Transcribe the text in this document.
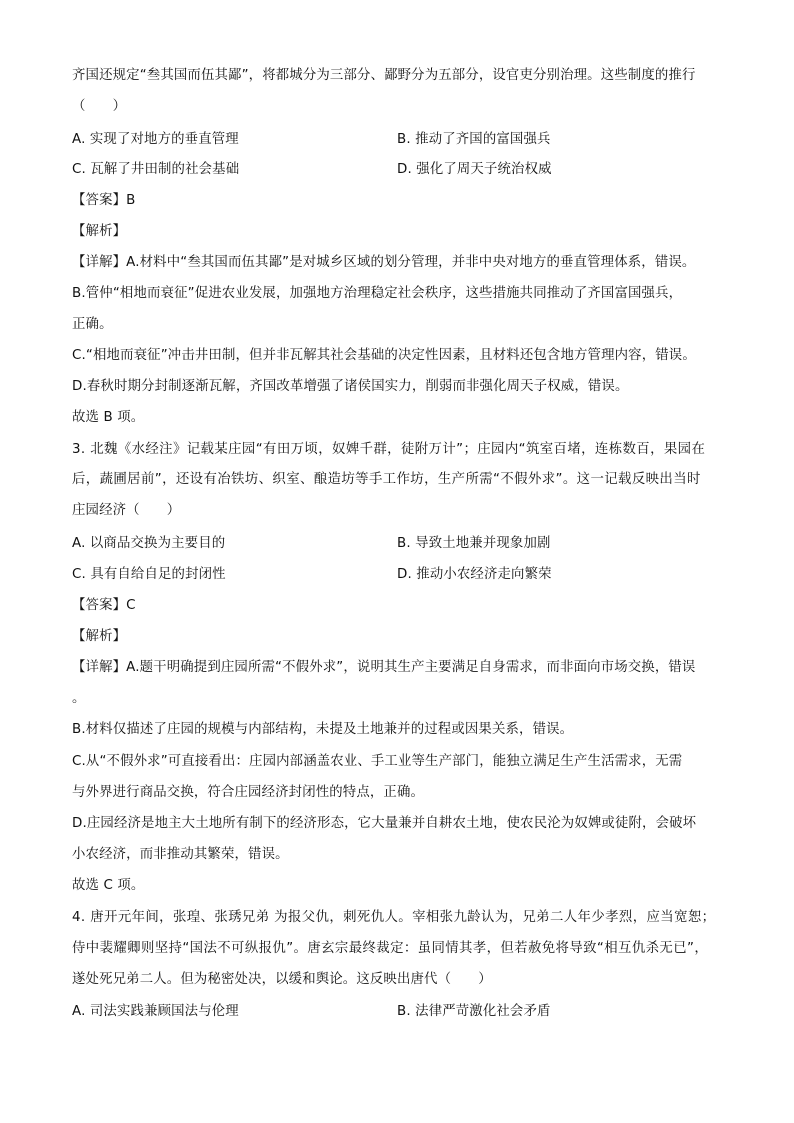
齐国还规定“叁其国而伍其鄙”，将都城分为三部分、鄙野分为五部分，设官吏分别治理。这些制度的推行
（　　）
A. 实现了对地方的垂直管理	B. 推动了齐国的富国强兵
C. 瓦解了井田制的社会基础	D. 强化了周天子统治权威
【答案】B
【解析】
【详解】A.材料中“叁其国而伍其鄙”是对城乡区域的划分管理，并非中央对地方的垂直管理体系，错误。
B.管仲“相地而衰征”促进农业发展，加强地方治理稳定社会秩序，这些措施共同推动了齐国富国强兵，
正确。
C.“相地而衰征”冲击井田制，但并非瓦解其社会基础的决定性因素，且材料还包含地方管理内容，错误。
D.春秋时期分封制逐渐瓦解，齐国改革增强了诸侯国实力，削弱而非强化周天子权威，错误。
故选 B 项。
3. 北魏《水经注》记载某庄园“有田万顷，奴婢千群，徒附万计”；庄园内“筑室百堵，连栋数百，果园在
后，蔬圃居前”，还设有冶铁坊、织室、酿造坊等手工作坊，生产所需“不假外求”。这一记载反映出当时
庄园经济（　　）
A. 以商品交换为主要目的	B. 导致土地兼并现象加剧
C. 具有自给自足的封闭性	D. 推动小农经济走向繁荣
【答案】C
【解析】
【详解】A.题干明确提到庄园所需“不假外求”，说明其生产主要满足自身需求，而非面向市场交换，错误
。
B.材料仅描述了庄园的规模与内部结构，未提及土地兼并的过程或因果关系，错误。
C.从“不假外求”可直接看出：庄园内部涵盖农业、手工业等生产部门，能独立满足生产生活需求，无需
与外界进行商品交换，符合庄园经济封闭性的特点，正确。
D.庄园经济是地主大土地所有制下的经济形态，它大量兼并自耕农土地，使农民沦为奴婢或徒附，会破坏
小农经济，而非推动其繁荣，错误。
故选 C 项。
4. 唐开元年间，张瑝、张琇兄弟 为报父仇，刺死仇人。宰相张九龄认为，兄弟二人年少孝烈，应当宽恕；
侍中裴耀卿则坚持“国法不可纵报仇”。唐玄宗最终裁定：虽同情其孝，但若赦免将导致“相互仇杀无已”，
遂处死兄弟二人。但为秘密处决，以缓和舆论。这反映出唐代（　　）
A. 司法实践兼顾国法与伦理	B. 法律严苛激化社会矛盾
